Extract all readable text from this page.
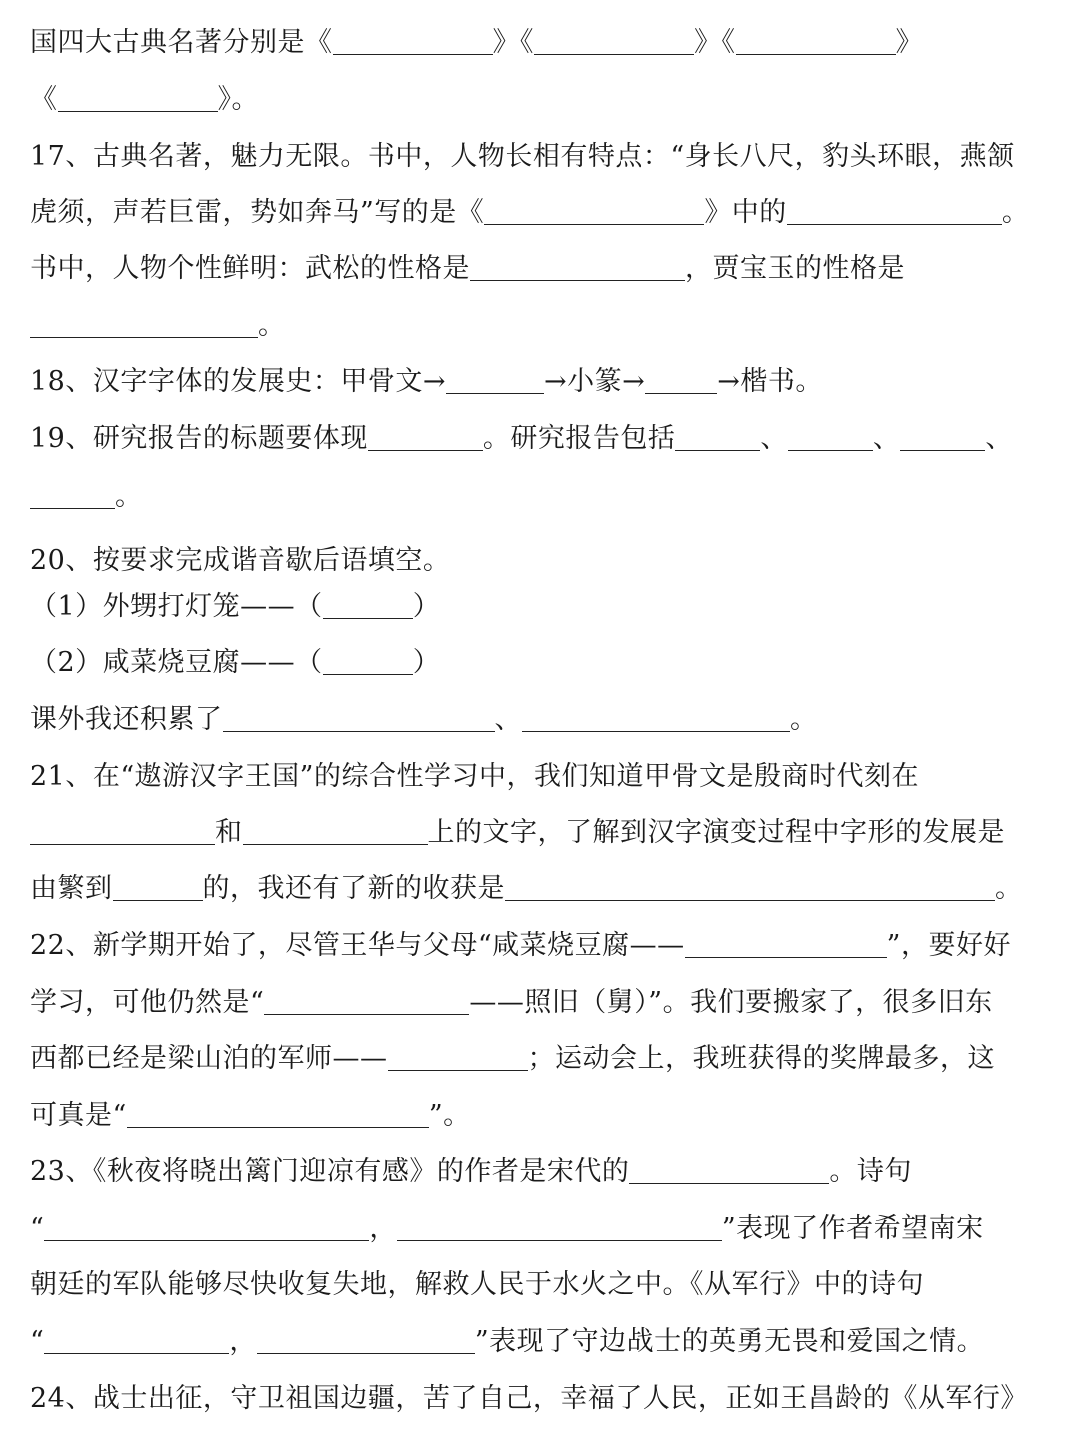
国四大古典名著分别是《	》《	》《	》
《	》。
17、古典名著，魅力无限。书中，人物长相有特点：“身长八尺，豹头环眼，燕颔
虎须，声若巨雷，势如奔马”写的是《	》中的	。
书中，人物个性鲜明：武松的性格是	，贾宝玉的性格是
。
18、汉字字体的发展史：甲骨文→	→小篆→	→楷书。
19、研究报告的标题要体现	。研究报告包括	、	、	、
。
20、按要求完成谐音歇后语填空。
（1）外甥打灯笼——（	）
（2）咸菜烧豆腐——（	）
课外我还积累了	、	。
21、在“遨游汉字王国”的综合性学习中，我们知道甲骨文是殷商时代刻在
和	上的文字，了解到汉字演变过程中字形的发展是
由繁到	的，我还有了新的收获是	。
22、新学期开始了，尽管王华与父母“咸菜烧豆腐——	”，要好好
学习，可他仍然是“	——照旧（舅）”。我们要搬家了，很多旧东
西都已经是梁山泊的军师——	；运动会上，我班获得的奖牌最多，这
可真是“	”。
23、《秋夜将晓出篱门迎凉有感》的作者是宋代的	。诗句
“	，	”表现了作者希望南宋
朝廷的军队能够尽快收复失地，解救人民于水火之中。《从军行》中的诗句
“	，	”表现了守边战士的英勇无畏和爱国之情。
24、战士出征，守卫祖国边疆，苦了自己，幸福了人民，正如王昌龄的《从军行》
